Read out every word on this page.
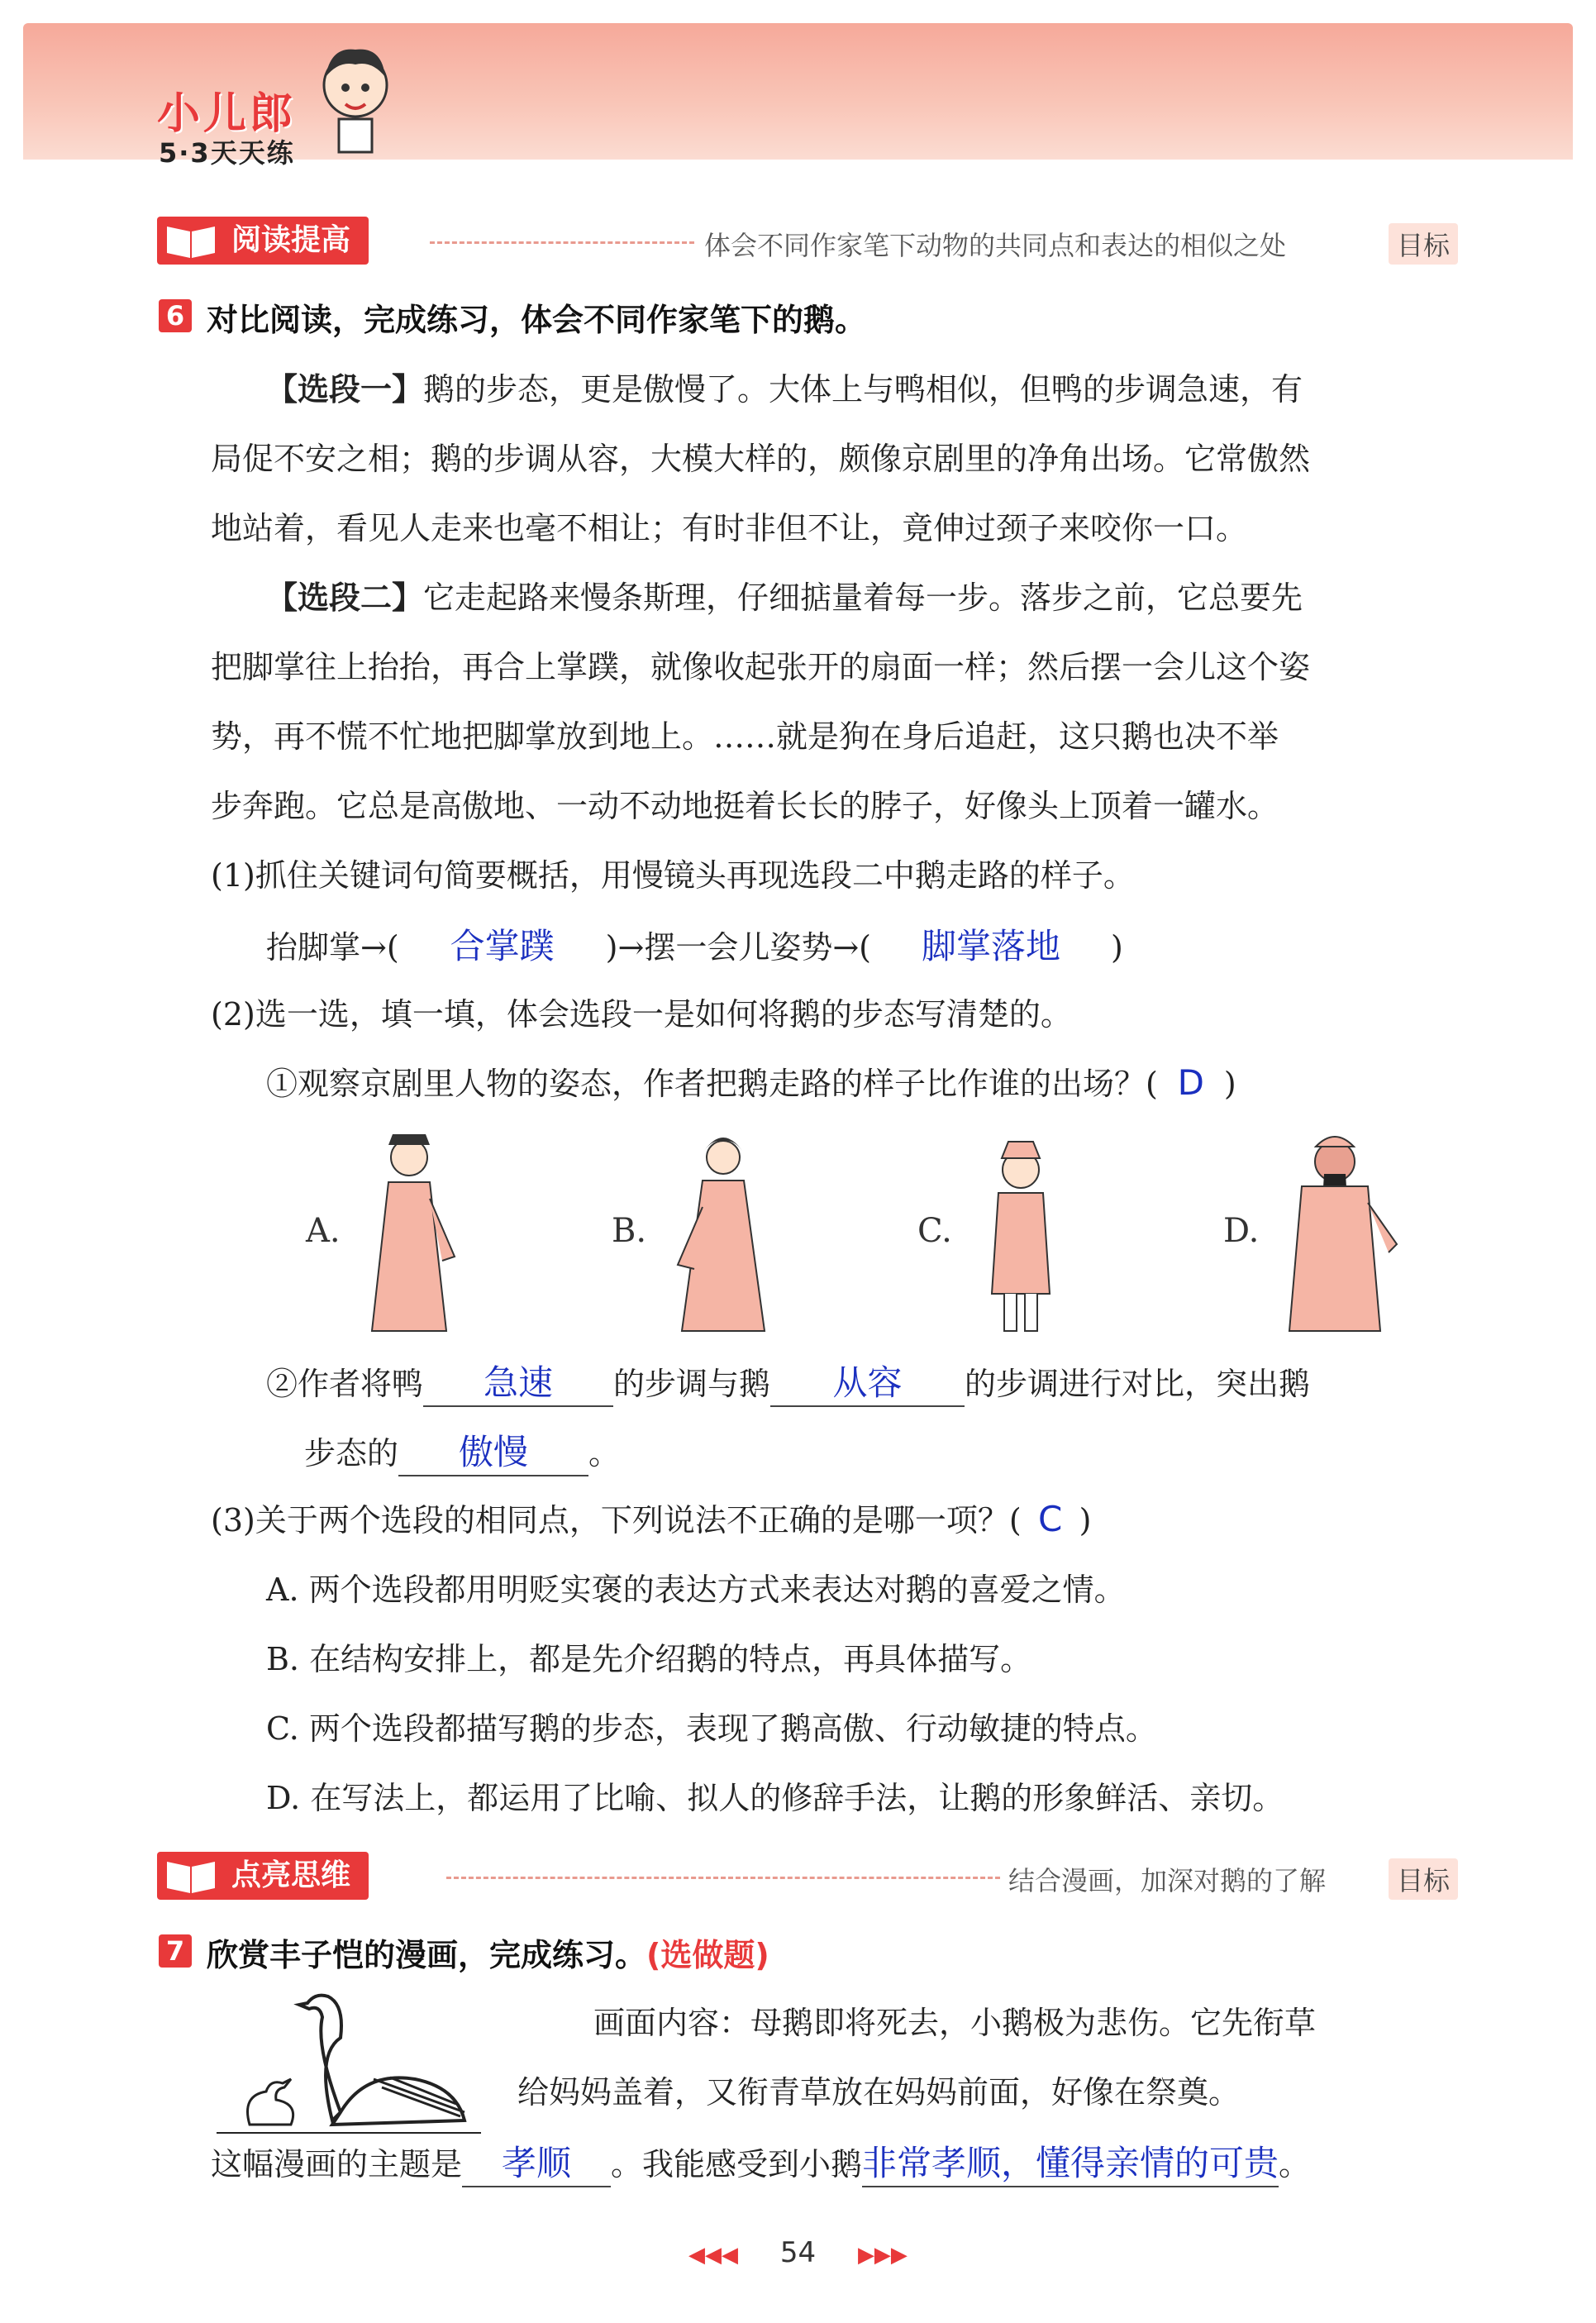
小儿郎
5·3天天练
阅读提高	体会不同作家笔下动物的共同点和表达的相似之处	目标
6 对比阅读，完成练习，体会不同作家笔下的鹅。
【选段一】鹅的步态，更是傲慢了。大体上与鸭相似，但鸭的步调急速，有
局促不安之相；鹅的步调从容，大模大样的，颇像京剧里的净角出场。它常傲然
地站着，看见人走来也毫不相让；有时非但不让，竟伸过颈子来咬你一口。
【选段二】它走起路来慢条斯理，仔细掂量着每一步。落步之前，它总要先
把脚掌往上抬抬，再合上掌蹼，就像收起张开的扇面一样；然后摆一会儿这个姿
势，再不慌不忙地把脚掌放到地上。……就是狗在身后追赶，这只鹅也决不举
步奔跑。它总是高傲地、一动不动地挺着长长的脖子，好像头上顶着一罐水。
(1)抓住关键词句简要概括，用慢镜头再现选段二中鹅走路的样子。
抬脚掌→( 合掌蹼 )→摆一会儿姿势→( 脚掌落地 )
(2)选一选，填一填，体会选段一是如何将鹅的步态写清楚的。
①观察京剧里人物的姿态，作者把鹅走路的样子比作谁的出场？( D )
A.	B.	C.	D.
②作者将鸭 急速 的步调与鹅 从容 的步调进行对比，突出鹅
步态的 傲慢 。
(3)关于两个选段的相同点，下列说法不正确的是哪一项？( C )
A. 两个选段都用明贬实褒的表达方式来表达对鹅的喜爱之情。
B. 在结构安排上，都是先介绍鹅的特点，再具体描写。
C. 两个选段都描写鹅的步态，表现了鹅高傲、行动敏捷的特点。
D. 在写法上，都运用了比喻、拟人的修辞手法，让鹅的形象鲜活、亲切。
点亮思维	结合漫画，加深对鹅的了解	目标
7 欣赏丰子恺的漫画，完成练习。(选做题)
画面内容：母鹅即将死去，小鹅极为悲伤。它先衔草
给妈妈盖着，又衔青草放在妈妈前面，好像在祭奠。
这幅漫画的主题是 孝顺 。我能感受到小鹅非常孝顺，懂得亲情的可贵。
◀◀◀ 54 ▶▶▶
